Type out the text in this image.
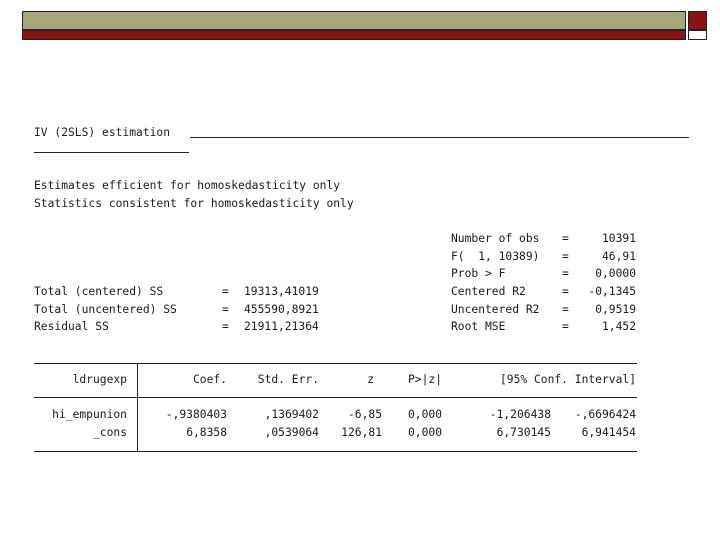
IV (2SLS) estimation
Estimates efficient for homoskedasticity only
Statistics consistent for homoskedasticity only
Number of obs =	10391
F(  1, 10389) =	46,91
Prob > F	= 0,0000
Centered R2	= -0,1345
Uncentered R2 = 0,9519
Root MSE	=	1,452
Total (centered) SS	= 19313,41019
Total (uncentered) SS	= 455590,8921
Residual SS	= 21911,21364
ldrugexp	Coef.	Std. Err.	z	P>|z|	[95% Conf. Interval]
hi_empunion	-,9380403	,1369402	-6,85 0,000	-1,206438 -,6696424
_cons	6,8358	,0539064 126,81 0,000	6,730145	6,941454
